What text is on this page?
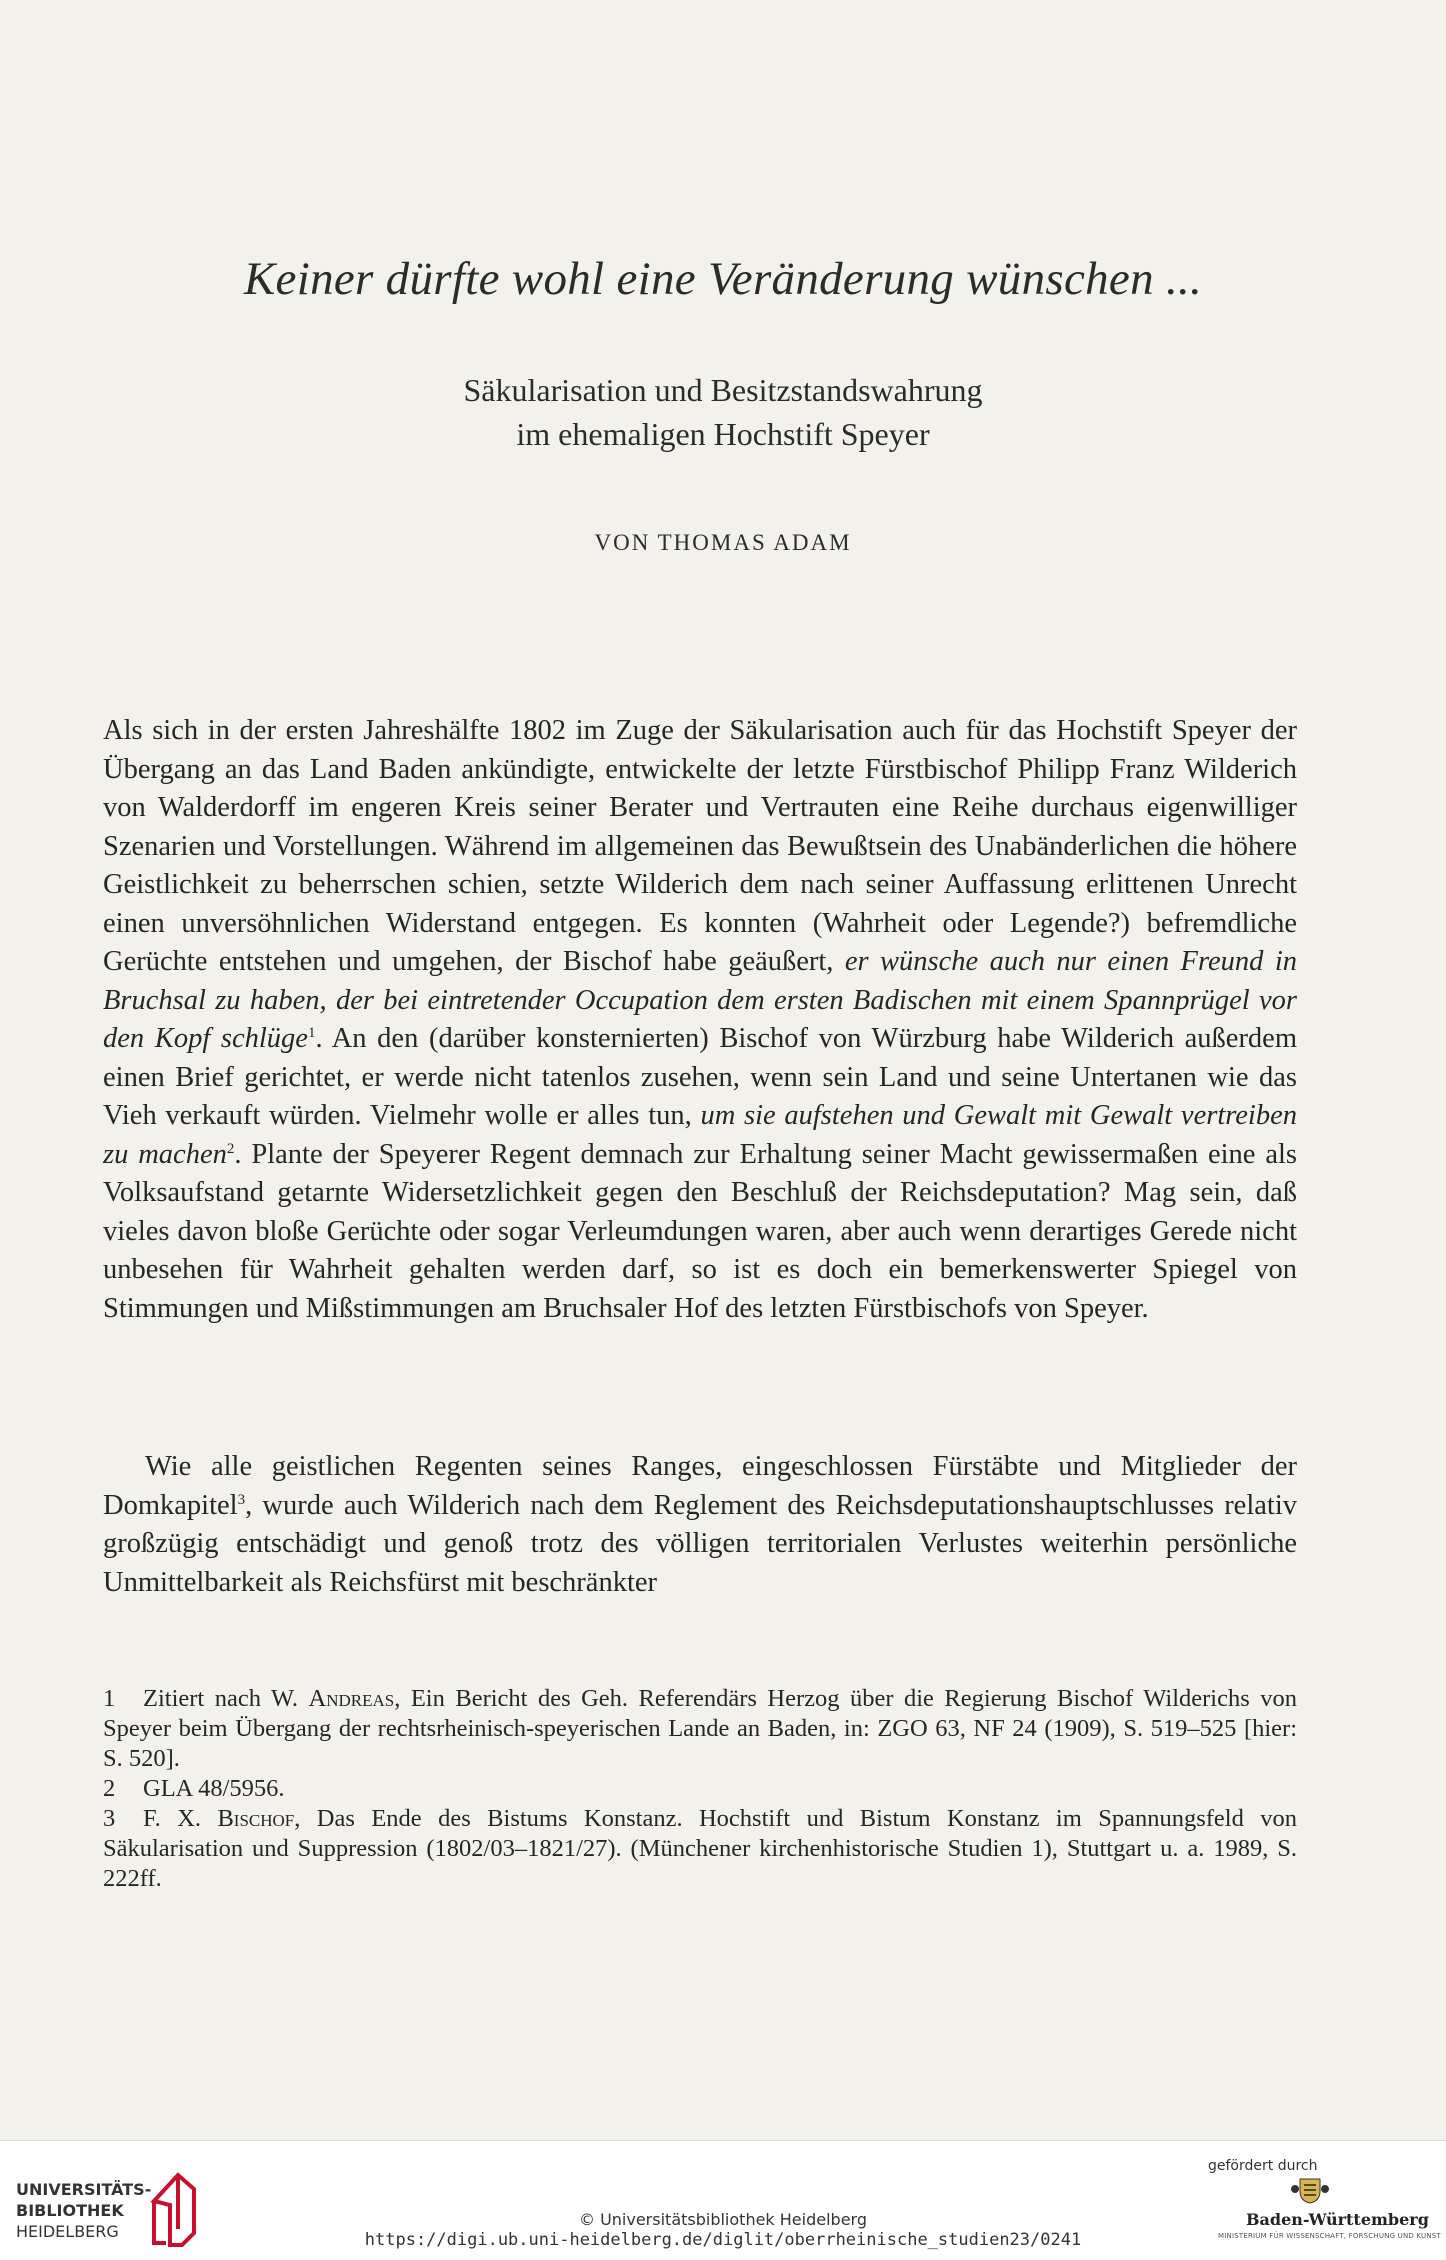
Keiner dürfte wohl eine Veränderung wünschen ...
Säkularisation und Besitzstandswahrung
im ehemaligen Hochstift Speyer
VON THOMAS ADAM
Als sich in der ersten Jahreshälfte 1802 im Zuge der Säkularisation auch für das Hochstift Speyer der Übergang an das Land Baden ankündigte, entwickelte der letzte Fürstbischof Philipp Franz Wilderich von Walderdorff im engeren Kreis seiner Berater und Vertrauten eine Reihe durchaus eigenwilliger Szenarien und Vorstellungen. Während im allgemeinen das Bewußtsein des Unabänderlichen die höhere Geistlichkeit zu beherrschen schien, setzte Wilderich dem nach seiner Auffassung erlittenen Unrecht einen unversöhnlichen Widerstand entgegen. Es konnten (Wahrheit oder Legende?) befremdliche Gerüchte entstehen und umgehen, der Bischof habe geäußert, er wünsche auch nur einen Freund in Bruchsal zu haben, der bei eintretender Occupation dem ersten Badischen mit einem Spannprügel vor den Kopf schlüge$^1$. An den (darüber konsternierten) Bischof von Würzburg habe Wilderich außerdem einen Brief gerichtet, er werde nicht tatenlos zusehen, wenn sein Land und seine Untertanen wie das Vieh verkauft würden. Vielmehr wolle er alles tun, um sie aufstehen und Gewalt mit Gewalt vertreiben zu machen$^2$. Plante der Speyerer Regent demnach zur Erhaltung seiner Macht gewissermaßen eine als Volksaufstand getarnte Widersetzlichkeit gegen den Beschluß der Reichsdeputation? Mag sein, daß vieles davon bloße Gerüchte oder sogar Verleumdungen waren, aber auch wenn derartiges Gerede nicht unbesehen für Wahrheit gehalten werden darf, so ist es doch ein bemerkenswerter Spiegel von Stimmungen und Mißstimmungen am Bruchsaler Hof des letzten Fürstbischofs von Speyer.
Wie alle geistlichen Regenten seines Ranges, eingeschlossen Fürstäbte und Mitglieder der Domkapitel$^3$, wurde auch Wilderich nach dem Reglement des Reichsdeputationshauptschlusses relativ großzügig entschädigt und genoß trotz des völligen territorialen Verlustes weiterhin persönliche Unmittelbarkeit als Reichsfürst mit beschränkter
1 Zitiert nach W. Andreas, Ein Bericht des Geh. Referendärs Herzog über die Regierung Bischof Wilderichs von Speyer beim Übergang der rechtsrheinisch-speyerischen Lande an Baden, in: ZGO 63, NF 24 (1909), S. 519–525 [hier: S. 520].
2 GLA 48/5956.
3 F. X. Bischof, Das Ende des Bistums Konstanz. Hochstift und Bistum Konstanz im Spannungsfeld von Säkularisation und Suppression (1802/03–1821/27). (Münchener kirchenhistorische Studien 1), Stuttgart u. a. 1989, S. 222ff.
UNIVERSITÄTS-
BIBLIOTHEK
HEIDELBERG
© Universitätsbibliothek Heidelberg
https://digi.ub.uni-heidelberg.de/diglit/oberrheinische_studien23/0241
gefördert durch
Baden-Württemberg
MINISTERIUM FÜR WISSENSCHAFT, FORSCHUNG UND KUNST
